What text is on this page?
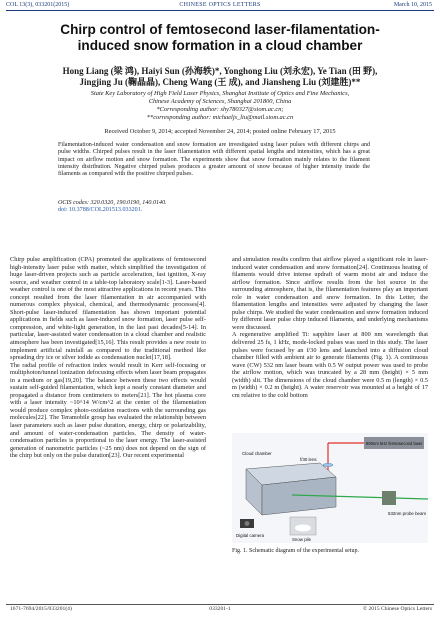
COL 13(3), 033201(2015)	CHINESE OPTICS LETTERS	March 10, 2015
Chirp control of femtosecond laser-filamentation-induced snow formation in a cloud chamber
Hong Liang (梁 鸿), Haiyi Sun (孙海轶)*, Yonghong Liu (刘永宏), Ye Tian (田 野),
Jingjing Ju (鞠晶晶), Cheng Wang (王 成), and Jiansheng Liu (刘建胜)**
State Key Laboratory of High Field Laser Physics, Shanghai Institute of Optics and Fine Mechanics,
Chinese Academy of Sciences, Shanghai 201800, China
*Corresponding author: shy780327@siom.ac.cn;
**corresponding author: michaeljs_liu@mail.siom.ac.cn
Received October 9, 2014; accepted November 24, 2014; posted online February 17, 2015
Filamentation-induced water condensation and snow formation are investigated using laser pulses with different chirps and pulse widths. Chirped pulses result in the laser filamentation with different spatial lengths and intensities, which has a great impact on airflow motion and snow formation. The experiments show that snow formation mainly relates to the filament intensity distribution. Negative chirped pulses produces a greater amount of snow because of higher intensity inside the filaments as compared with the positive chirped pulses.
OCIS codes: 320.0320, 190.0190, 140.0140.
doi: 10.3788/COL201513.033201.
Chirp pulse amplification (CPA) promoted the applications of femtosecond high-intensity laser pulse with matter, which simplified the investigation of huge laser-driven projects such as particle acceleration, fast ignition, X-ray source, and weather control in a table-top laboratory scale[1-3]. Laser-based weather control is one of the most attractive applications in recent years. This concept resulted from the laser filamentation in air accompanied with numerous complex physical, chemical, and thermodynamic processes[4]. Short-pulse laser-induced filamentation has shown important potential applications in fields such as laser-induced snow formation, laser pulse self-compression, and white-light generation, in the last past decades[5-14]. In particular, laser-assisted water condensation in a cloud chamber and realistic atmosphere has been investigated[15,16]. This result provides a new route to implement artificial rainfall as compared to the traditional method like spreading dry ice or silver iodide as condensation nuclei[17,18].
The radial profile of refraction index would result in Kerr self-focusing or multiphoton/tunnel ionization defocusing effects when laser beam propagates in a medium or gas[19,20]. The balance between these two effects would sustain self-guided filamentation, which kept a nearly constant diameter and propagated a distance from centimeters to meters[21]. The hot plasma core with a laser intensity ~10^14 W/cm^2 at the center of the filamentation would produce complex photo-oxidation reactions with the surrounding gas molecules[22]. The Teramobile group has evaluated the relationship between laser parameters such as laser pulse duration, energy, chirp or polarizability, and amount of water-condensation particles. The density of water-condensation particles is proportional to the laser energy. The laser-assisted generation of nanometric particles (~25 nm) does not depend on the sign of the chirp but only on the pulse duration[23]. Our recent experimental
and simulation results confirm that airflow played a significant role in laser-induced water condensation and snow formation[24]. Continuous heating of filaments would drive intense updraft of warm moist air and induce the airflow formation. Since airflow results from the hot source in the surrounding atmosphere, that is, the filamentation features play an important role in water condensation and snow formation. In this Letter, the filamentation lengths and intensities were adjusted by changing the laser pulse chirps. We studied the water condensation and snow formation induced by different laser pulse chirp induced filaments, and underlying mechanisms were discussed.
A regenerative amplified Ti: sapphire laser at 800 nm wavelength that delivered 25 fs, 1 kHz, mode-locked pulses was used in this study. The laser pulses were focused by an f/30 lens and launched into a diffusion cloud chamber filled with ambient air to generate filaments (Fig. 1). A continuous wave (CW) 532 nm laser beam with 0.5 W output power was used to probe the airflow motion, which was truncated by a 28 mm (height) × 5 mm (width) slit. The dimensions of the cloud chamber were 0.5 m (length) × 0.5 m (width) × 0.2 m (height). A water reservoir was mounted at a height of 17 cm relative to the cold bottom
800nm kHz femtosecond laser
f/30 lens
Cloud chamber
532nm probe beam
Digital camera
Snow pile
Fig. 1. Schematic diagram of the experimental setup.
1671-7694/2015/033201(4)	033201-1	© 2015 Chinese Optics Letters
